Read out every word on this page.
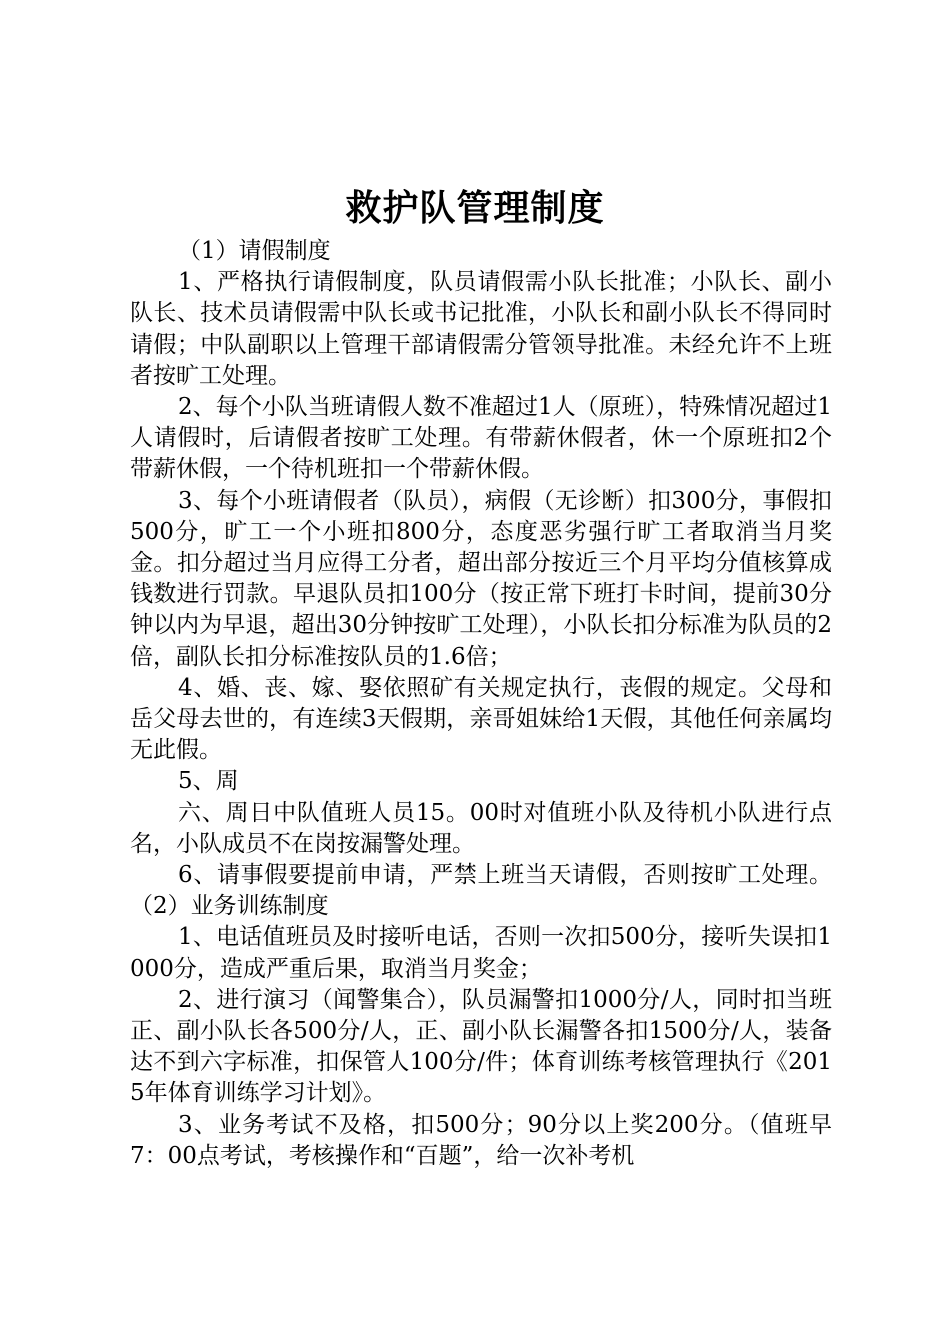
救护队管理制度

（1）请假制度

1、严格执行请假制度，队员请假需小队长批准；小队长、副小队长、技术员请假需中队长或书记批准，小队长和副小队长不得同时请假；中队副职以上管理干部请假需分管领导批准。未经允许不上班者按旷工处理。

2、每个小队当班请假人数不准超过1人（原班），特殊情况超过1人请假时，后请假者按旷工处理。有带薪休假者，休一个原班扣2个带薪休假，一个待机班扣一个带薪休假。

3、每个小班请假者（队员），病假（无诊断）扣300分，事假扣500分，旷工一个小班扣800分，态度恶劣强行旷工者取消当月奖金。扣分超过当月应得工分者，超出部分按近三个月平均分值核算成钱数进行罚款。早退队员扣100分（按正常下班打卡时间，提前30分钟以内为早退，超出30分钟按旷工处理），小队长扣分标准为队员的2倍，副队长扣分标准按队员的1.6倍；

4、婚、丧、嫁、娶依照矿有关规定执行，丧假的规定。父母和岳父母去世的，有连续3天假期，亲哥姐妹给1天假，其他任何亲属均无此假。

5、周

六、周日中队值班人员15。00时对值班小队及待机小队进行点名，小队成员不在岗按漏警处理。

6、请事假要提前申请，严禁上班当天请假，否则按旷工处理。（2）业务训练制度

1、电话值班员及时接听电话，否则一次扣500分，接听失误扣1000分，造成严重后果，取消当月奖金；

2、进行演习（闻警集合），队员漏警扣1000分/人，同时扣当班正、副小队长各500分/人，正、副小队长漏警各扣1500分/人，装备达不到六字标准，扣保管人100分/件；体育训练考核管理执行《2015年体育训练学习计划》。

3、业务考试不及格，扣500分；90分以上奖200分。（值班早7：00点考试，考核操作和“百题”，给一次补考机
